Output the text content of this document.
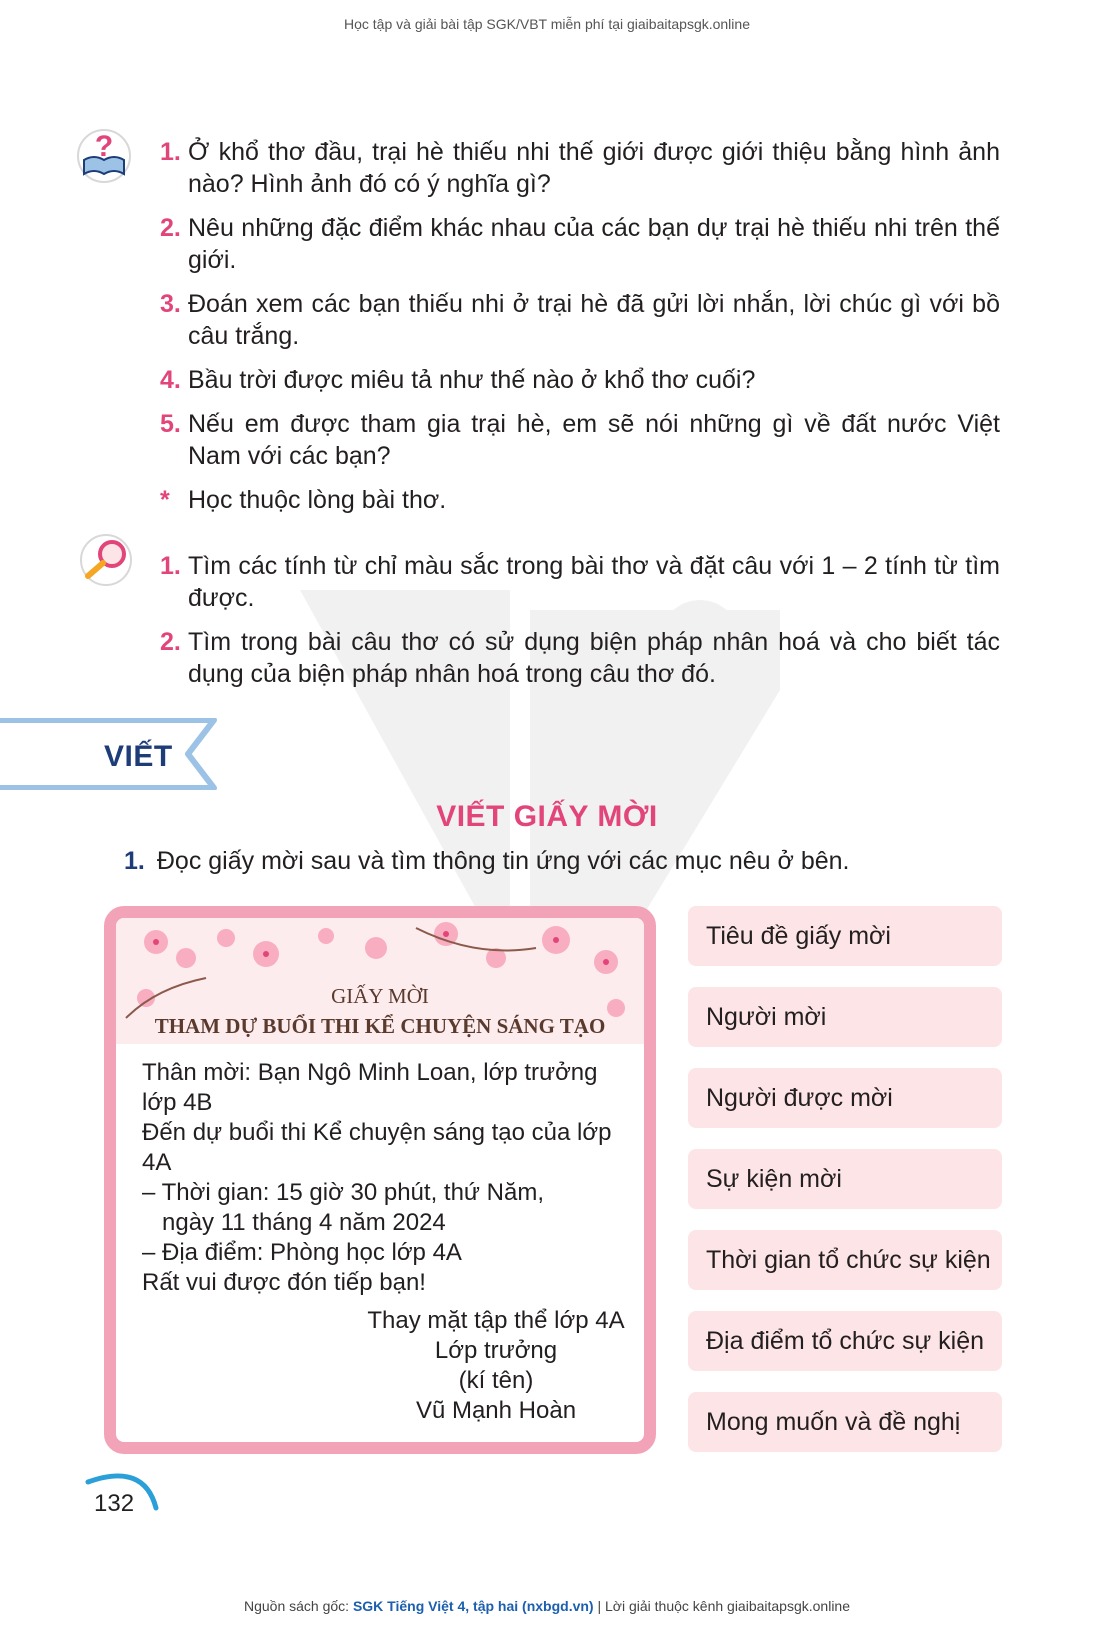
Học tập và giải bài tập SGK/VBT miễn phí tại giaibaitapsgk.online
? 1. Ở khổ thơ đầu, trại hè thiếu nhi thế giới được giới thiệu bằng hình ảnh nào? Hình ảnh đó có ý nghĩa gì?
2. Nêu những đặc điểm khác nhau của các bạn dự trại hè thiếu nhi trên thế giới.
3. Đoán xem các bạn thiếu nhi ở trại hè đã gửi lời nhắn, lời chúc gì với bồ câu trắng.
4. Bầu trời được miêu tả như thế nào ở khổ thơ cuối?
5. Nếu em được tham gia trại hè, em sẽ nói những gì về đất nước Việt Nam với các bạn?
* Học thuộc lòng bài thơ.
1. Tìm các tính từ chỉ màu sắc trong bài thơ và đặt câu với 1 – 2 tính từ tìm được.
2. Tìm trong bài câu thơ có sử dụng biện pháp nhân hoá và cho biết tác dụng của biện pháp nhân hoá trong câu thơ đó.
VIẾT
VIẾT GIẤY MỜI
1. Đọc giấy mời sau và tìm thông tin ứng với các mục nêu ở bên.
GIẤY MỜI
THAM DỰ BUỔI THI KỂ CHUYỆN SÁNG TẠO

Thân mời: Bạn Ngô Minh Loan, lớp trưởng lớp 4B

Đến dự buổi thi Kể chuyện sáng tạo của lớp 4A

– Thời gian: 15 giờ 30 phút, thứ Năm,

ngày 11 tháng 4 năm 2024

– Địa điểm: Phòng học lớp 4A

Rất vui được đón tiếp bạn!

Thay mặt tập thể lớp 4A

Lớp trưởng

(kí tên)

Vũ Mạnh Hoàn

Tiêu đề giấy mời
Người mời
Người được mời
Sự kiện mời
Thời gian tổ chức sự kiện
Địa điểm tổ chức sự kiện
Mong muốn và đề nghị
132
Nguồn sách gốc: SGK Tiếng Việt 4, tập hai (nxbgd.vn) | Lời giải thuộc kênh giaibaitapsgk.online
